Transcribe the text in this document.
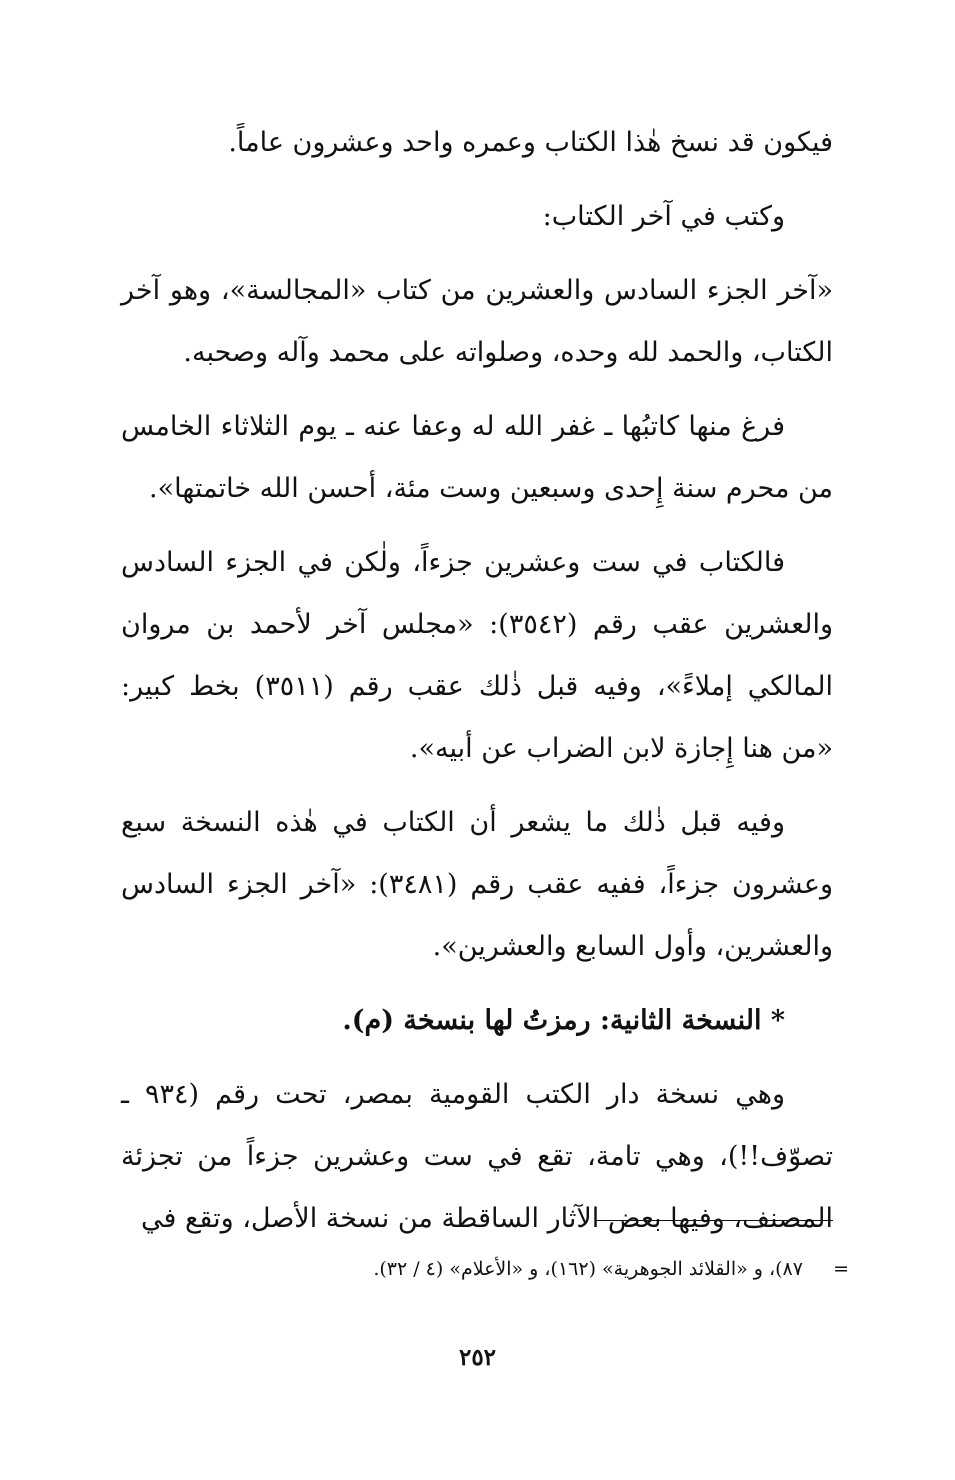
فيكون قد نسخ هٰذا الكتاب وعمره واحد وعشرون عاماً.

وكتب في آخر الكتاب:

«آخر الجزء السادس والعشرين من كتاب «المجالسة»، وهو آخر الكتاب، والحمد لله وحده، وصلواته على محمد وآله وصحبه.

فرغ منها كاتبُها ـ غفر الله له وعفا عنه ـ يوم الثلاثاء الخامس من محرم سنة إِحدى وسبعين وست مئة، أحسن الله خاتمتها».

فالكتاب في ست وعشرين جزءاً، ولٰكن في الجزء السادس والعشرين عقب رقم (٣٥٤٢): «مجلس آخر لأحمد بن مروان المالكي إملاءً»، وفيه قبل ذٰلك عقب رقم (٣٥١١) بخط كبير: «من هنا إِجازة لابن الضراب عن أبيه».

وفيه قبل ذٰلك ما يشعر أن الكتاب في هٰذه النسخة سبع وعشرون جزءاً، ففيه عقب رقم (٣٤٨١): «آخر الجزء السادس والعشرين، وأول السابع والعشرين».

* النسخة الثانية: رمزتُ لها بنسخة (م).

وهي نسخة دار الكتب القومية بمصر، تحت رقم (٩٣٤ ـ تصوّف!!)، وهي تامة، تقع في ست وعشرين جزءاً من تجزئة المصنف، وفيها بعض الآثار الساقطة من نسخة الأصل، وتقع في

= ٨٧)، و «القلائد الجوهرية» (١٦٢)، و «الأعلام» (٤ / ٣٢).
٢٥٢
